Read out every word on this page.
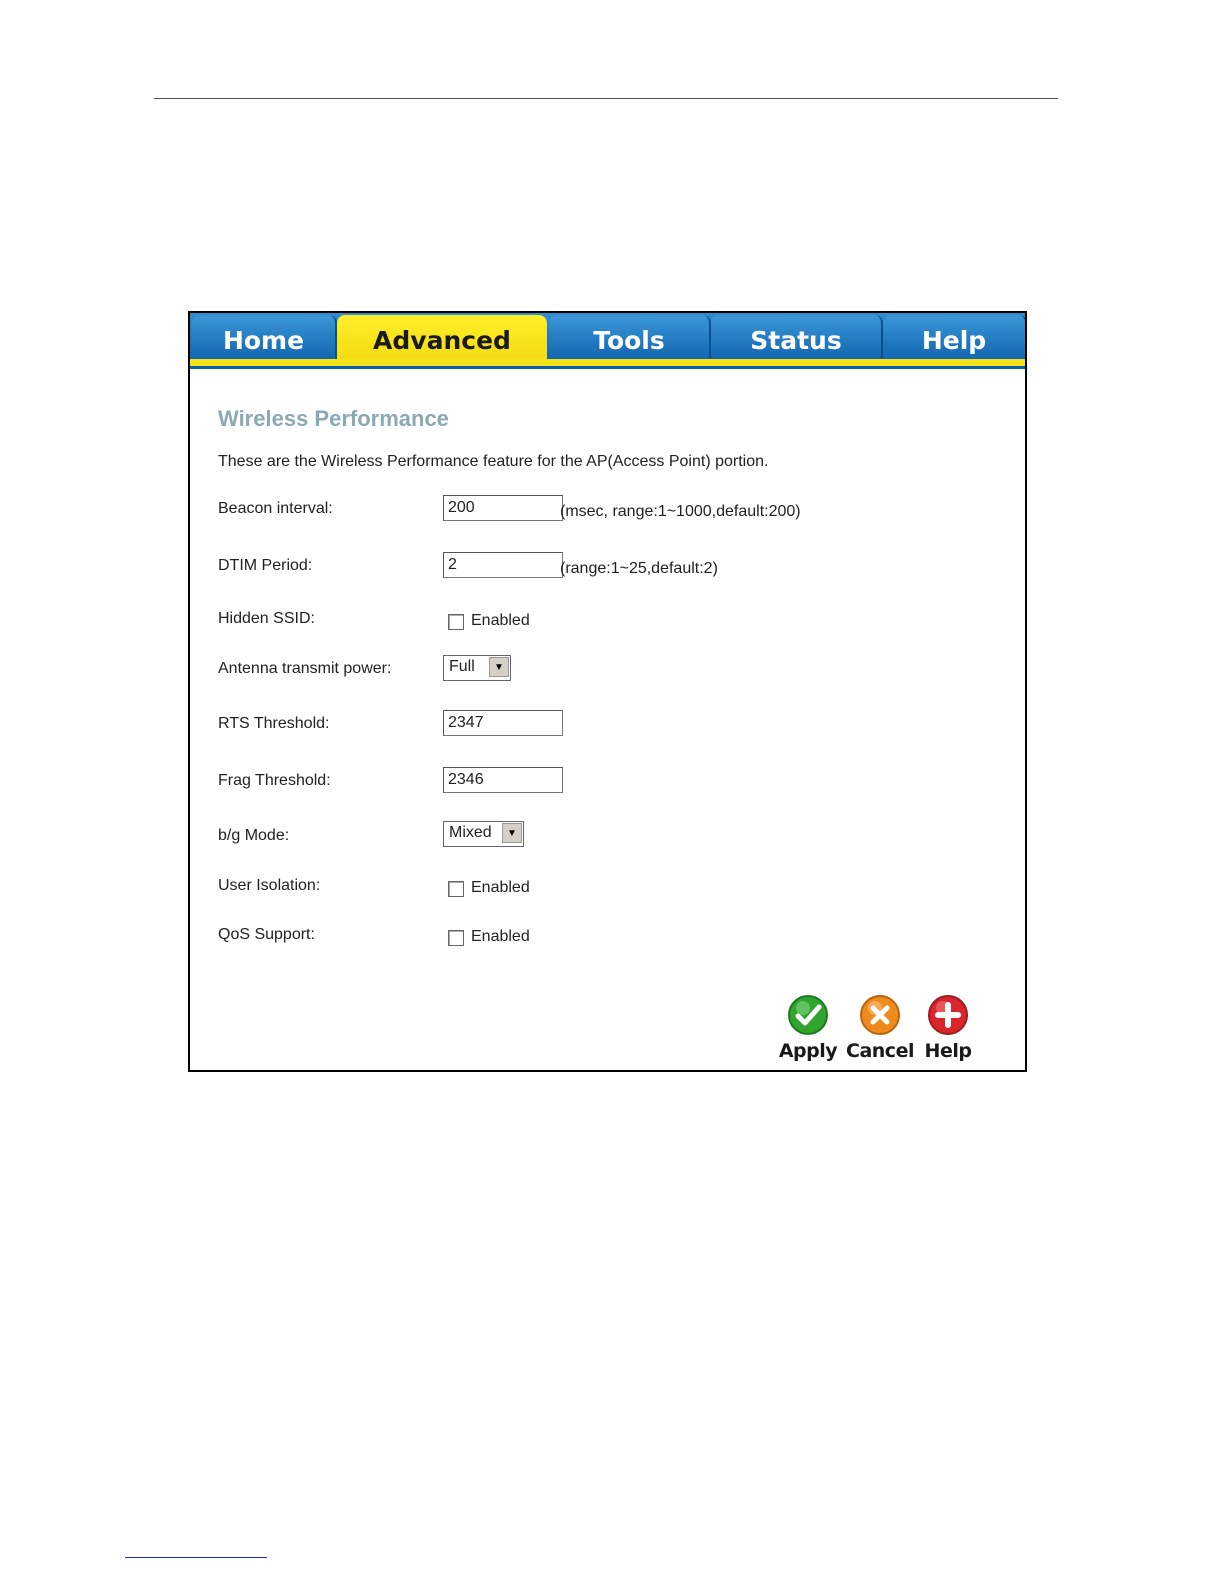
Home	Advanced	Tools	Status	Help
Wireless Performance
These are the Wireless Performance feature for the AP(Access Point) portion.
Beacon interval:
200	(msec, range:1~1000,default:200)
DTIM Period:
2	(range:1~25,default:2)
Hidden SSID:	Enabled
Antenna transmit power:	Full	▼
RTS Threshold:
2347
Frag Threshold:
2346
b/g Mode:	Mixed	▼
User Isolation:	Enabled
QoS Support:	Enabled
Apply Cancel Help
